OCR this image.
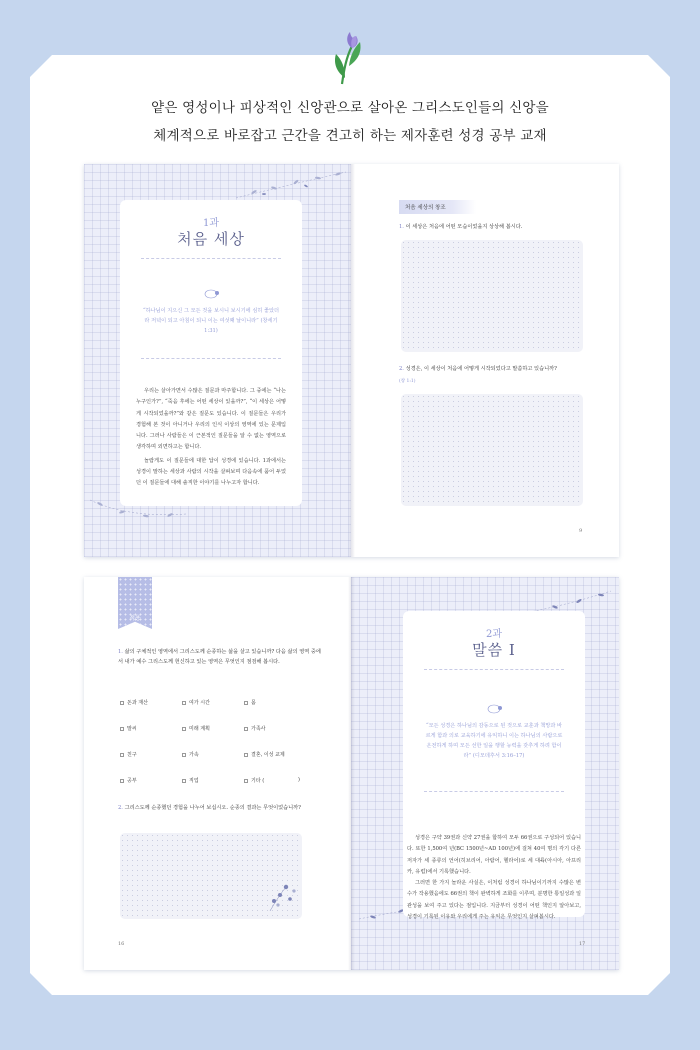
얕은 영성이나 피상적인 신앙관으로 살아온 그리스도인들의 신앙을
체계적으로 바로잡고 근간을 견고히 하는 제자훈련 성경 공부 교재
1과
처음 세상
“하나님이 지으신 그 모든 것을 보시니 보시기에 심히 좋았더라 저녁이 되고 아침이 되니 이는 여섯째 날이니라” (창세기 1:31)

우리는 살아가면서 수많은 질문과 마주합니다. 그 중에는 “나는 누구인가?”, “죽음 후에는 어떤 세상이 있을까?”, “이 세상은 어떻게 시작되었을까?”와 같은 질문도 있습니다. 이 질문들은 우리가 경험해 본 것이 아니거나 우리의 인식 이상의 영역에 있는 문제입니다. 그러나 사람들은 이 근본적인 질문들을 알 수 없는 영역으로 생각하며 외면하고는 합니다.

놀랍게도 이 질문들에 대한 답이 성경에 있습니다. 1과에서는 성경이 말하는 세상과 사람의 시작을 살펴보며 다음속에 품어 두었던 이 질문들에 대해 솔직한 이야기를 나누고자 합니다.

처음 세상의 창조
1. 이 세상은 처음에 어떤 모습이었을지 상상해 봅시다.
2. 성경은, 이 세상이 처음에 어떻게 시작되었다고 말씀하고 있습니까?
(창 1:1)
9
적용
1. 삶의 구체적인 영역에서 그리스도께 순종하는 삶을 살고 있습니까? 다음 삶의 영역 중에서 내가 예수 그리스도께 헌신하고 있는 영역은 무엇인지 점검해 봅시다.
돈과 재산	여가 시간	몸
말씨	미래 계획	가족사
친구	가속	결혼, 이성 교제
공부	직업	기타 (	)
2. 그리스도께 순종했던 경험을 나누어 보십시오. 순종의 결과는 무엇이었습니까?
16
2과
말씀 I
“모든 성경은 하나님의 감동으로 된 것으로 교훈과 책망과 바르게 함과 의로 교육하기에 유익하니 이는 하나님의 사람으로 온전하게 하며 모든 선한 일을 행할 능력을 갖추게 하려 함이라” (디모데후서 3:16–17)

성경은 구약 39권과 신약 27권을 합하여 모두 66권으로 구성되어 있습니다. 또한 1,500여 년(BC 1500년~AD 100년)에 걸쳐 40여 명의 각기 다른 저자가 세 종류의 언어(히브리어, 아람어, 헬라어)로 세 대륙(아시아, 아프리카, 유럽)에서 기록했습니다.

그러면 한 가지 놀라운 사실은, 이처럼 성경이 하나님이기까지 수많은 변수가 작용했음에도 66권의 책이 완벽하게 조화를 이루며, 분명한 통일성과 일관성을 보여 주고 있다는 점입니다. 지금부터 성경이 어떤 책인지 알아보고, 성경이 기록된 이유와 우리에게 주는 유익은 무엇인지 살펴봅시다.

17
